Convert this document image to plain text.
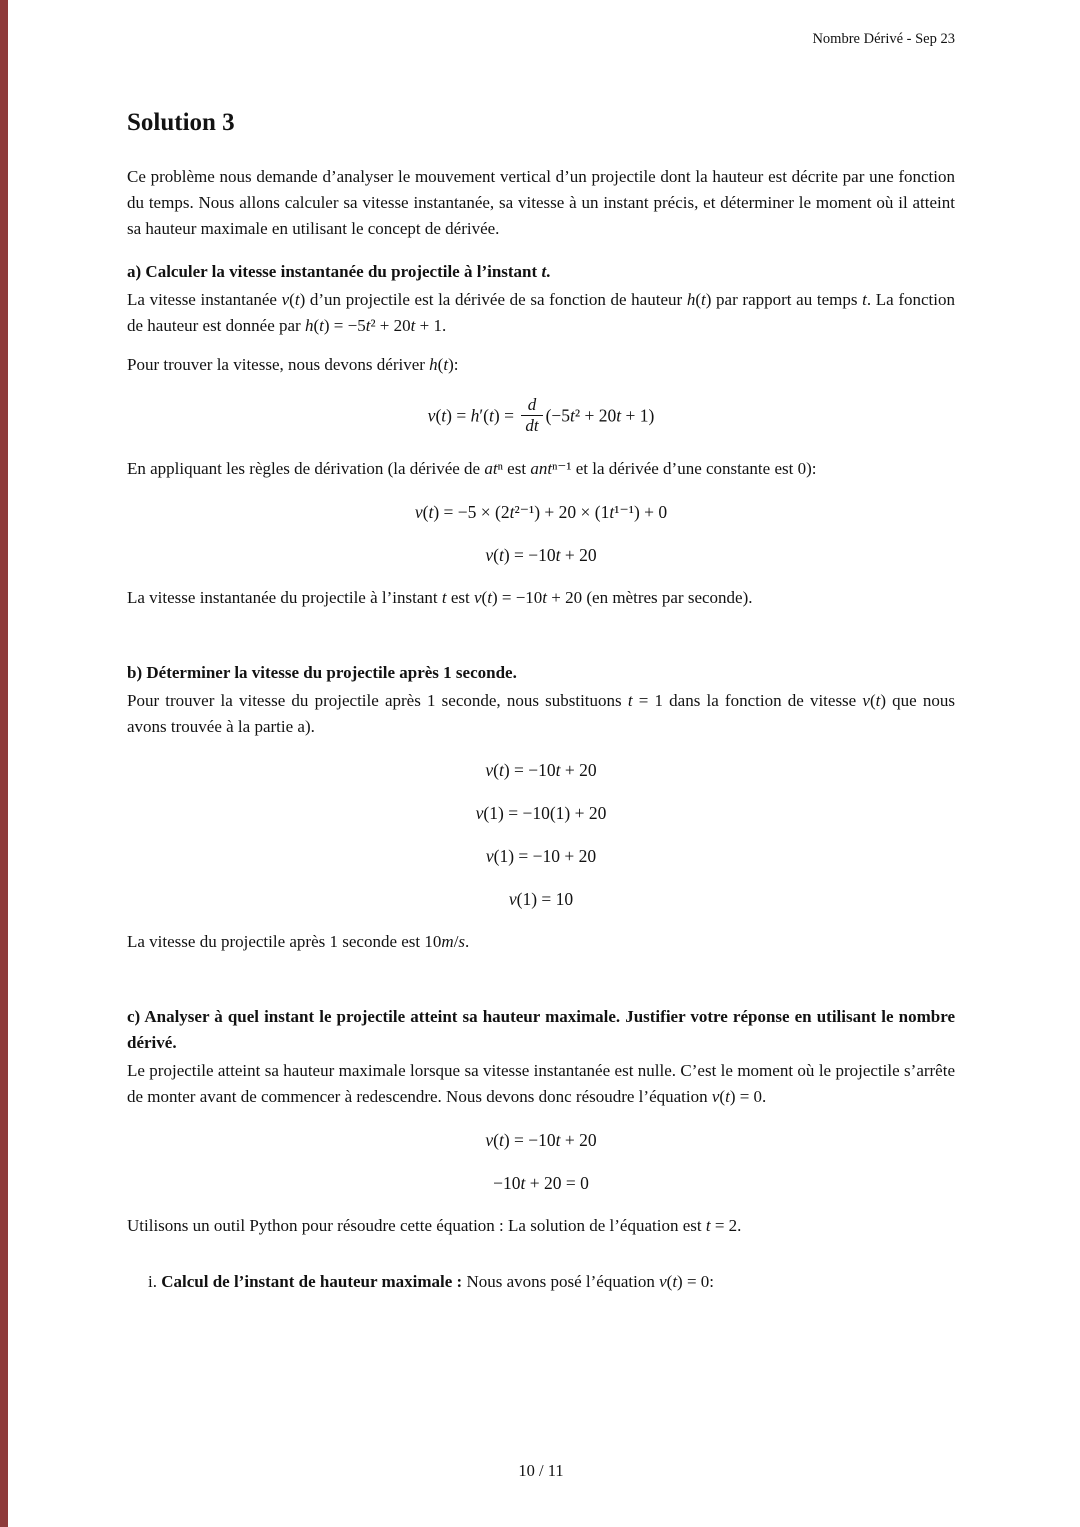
Nombre Dérivé - Sep 23
Solution 3

Ce problème nous demande d’analyser le mouvement vertical d’un projectile dont la hauteur est décrite par une fonction du temps. Nous allons calculer sa vitesse instantanée, sa vitesse à un instant précis, et déterminer le moment où il atteint sa hauteur maximale en utilisant le concept de dérivée.

a) Calculer la vitesse instantanée du projectile à l’instant t.

La vitesse instantanée v(t) d’un projectile est la dérivée de sa fonction de hauteur h(t) par rapport au temps t. La fonction de hauteur est donnée par h(t) = −5t² + 20t + 1.

Pour trouver la vitesse, nous devons dériver h(t):

$v(t) = h'(t) = \frac{d}{dt} (-5t^2 + 20t + 1)$

En appliquant les règles de dérivation (la dérivée de atⁿ est antⁿ⁻¹ et la dérivée d’une constante est 0):

v(t) = −5 × (2t²⁻¹) + 20 × (1t¹⁻¹) + 0
v(t) = −10t + 20

La vitesse instantanée du projectile à l’instant t est v(t) = −10t + 20 (en mètres par seconde).

b) Déterminer la vitesse du projectile après 1 seconde.

Pour trouver la vitesse du projectile après 1 seconde, nous substituons t = 1 dans la fonction de vitesse v(t) que nous avons trouvée à la partie a).

v(t) = −10t + 20
v(1) = −10(1) + 20
v(1) = −10 + 20
v(1) = 10

La vitesse du projectile après 1 seconde est 10m/s.

c) Analyser à quel instant le projectile atteint sa hauteur maximale. Justifier votre réponse en utilisant le nombre dérivé.

Le projectile atteint sa hauteur maximale lorsque sa vitesse instantanée est nulle. C’est le moment où le projectile s’arrête de monter avant de commencer à redescendre. Nous devons donc résoudre l’équation v(t) = 0.

v(t) = −10t + 20
−10t + 20 = 0

Utilisons un outil Python pour résoudre cette équation : La solution de l’équation est t = 2.

i. Calcul de l’instant de hauteur maximale : Nous avons posé l’équation v(t) = 0:

10 / 11
